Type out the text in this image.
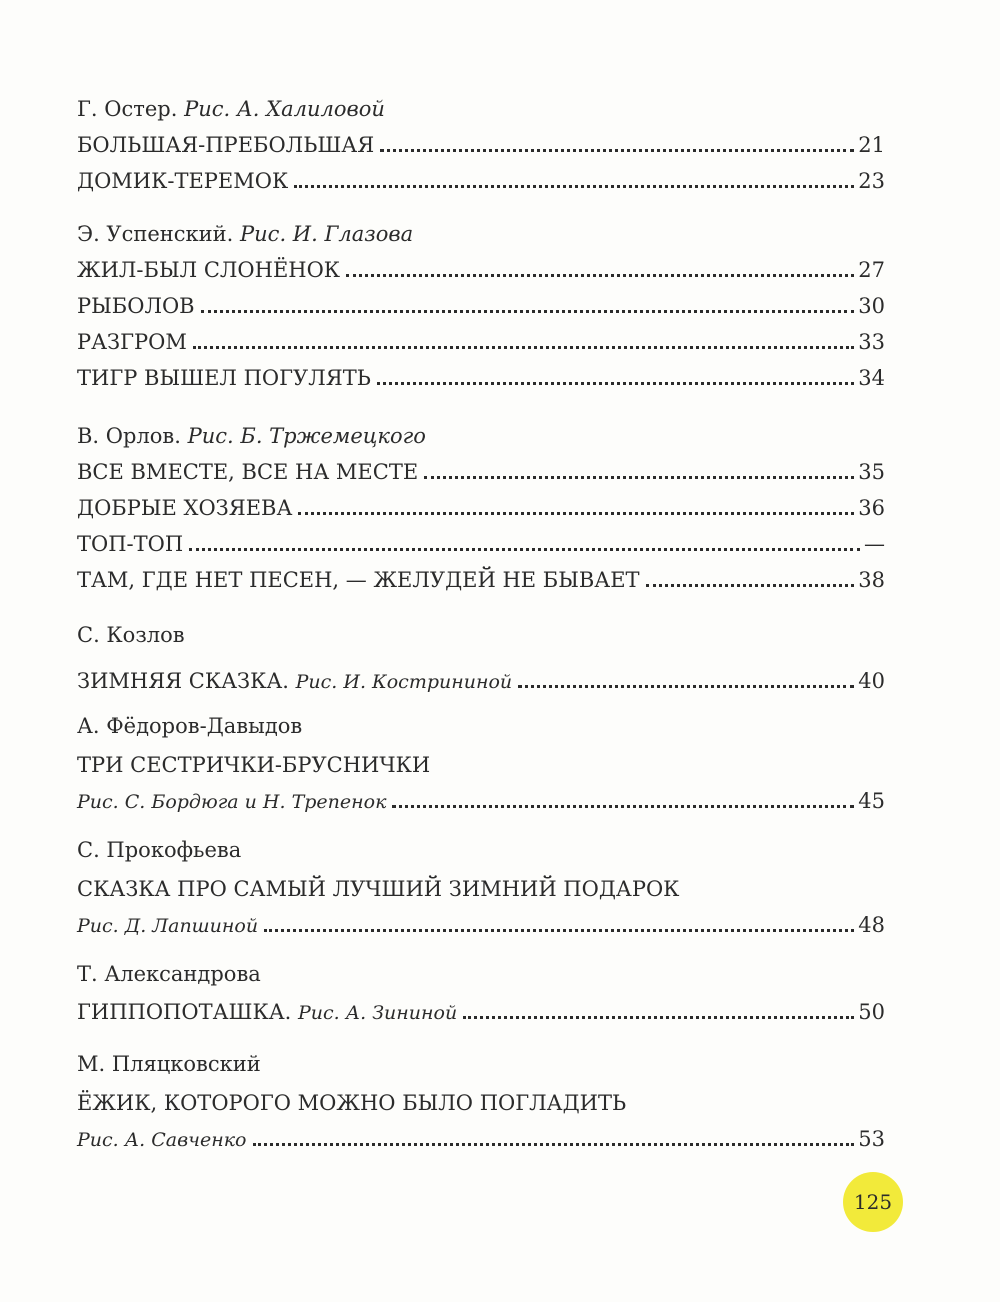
Г. Остер. Рис. А. Халиловой

БОЛЬШАЯ-ПРЕБОЛЬШАЯ	21
ДОМИК-ТЕРЕМОК	23

Э. Успенский. Рис. И. Глазова

ЖИЛ-БЫЛ СЛОНЁНОК	27
РЫБОЛОВ	30
РАЗГРОМ	33
ТИГР ВЫШЕЛ ПОГУЛЯТЬ	34

В. Орлов. Рис. Б. Тржемецкого

ВСЕ ВМЕСТЕ, ВСЕ НА МЕСТЕ	35
ДОБРЫЕ ХОЗЯЕВА	36
ТОП-ТОП	—
ТАМ, ГДЕ НЕТ ПЕСЕН, — ЖЕЛУДЕЙ НЕ БЫВАЕТ	38

С. Козлов

ЗИМНЯЯ СКАЗКА.
Рис. И. Кострининой	40

А. Фёдоров-Давыдов

ТРИ СЕСТРИЧКИ-БРУСНИЧКИ
Рис. С. Бордюга и Н. Трепенок	45

С. Прокофьева

СКАЗКА ПРО САМЫЙ ЛУЧШИЙ ЗИМНИЙ ПОДАРОК
Рис. Д. Лапшиной	48

Т. Александрова

ГИППОПОТАШКА.
Рис. А. Зининой	50

М. Пляцковский

ЁЖИК, КОТОРОГО МОЖНО БЫЛО ПОГЛАДИТЬ
Рис. А. Савченко	53
125
